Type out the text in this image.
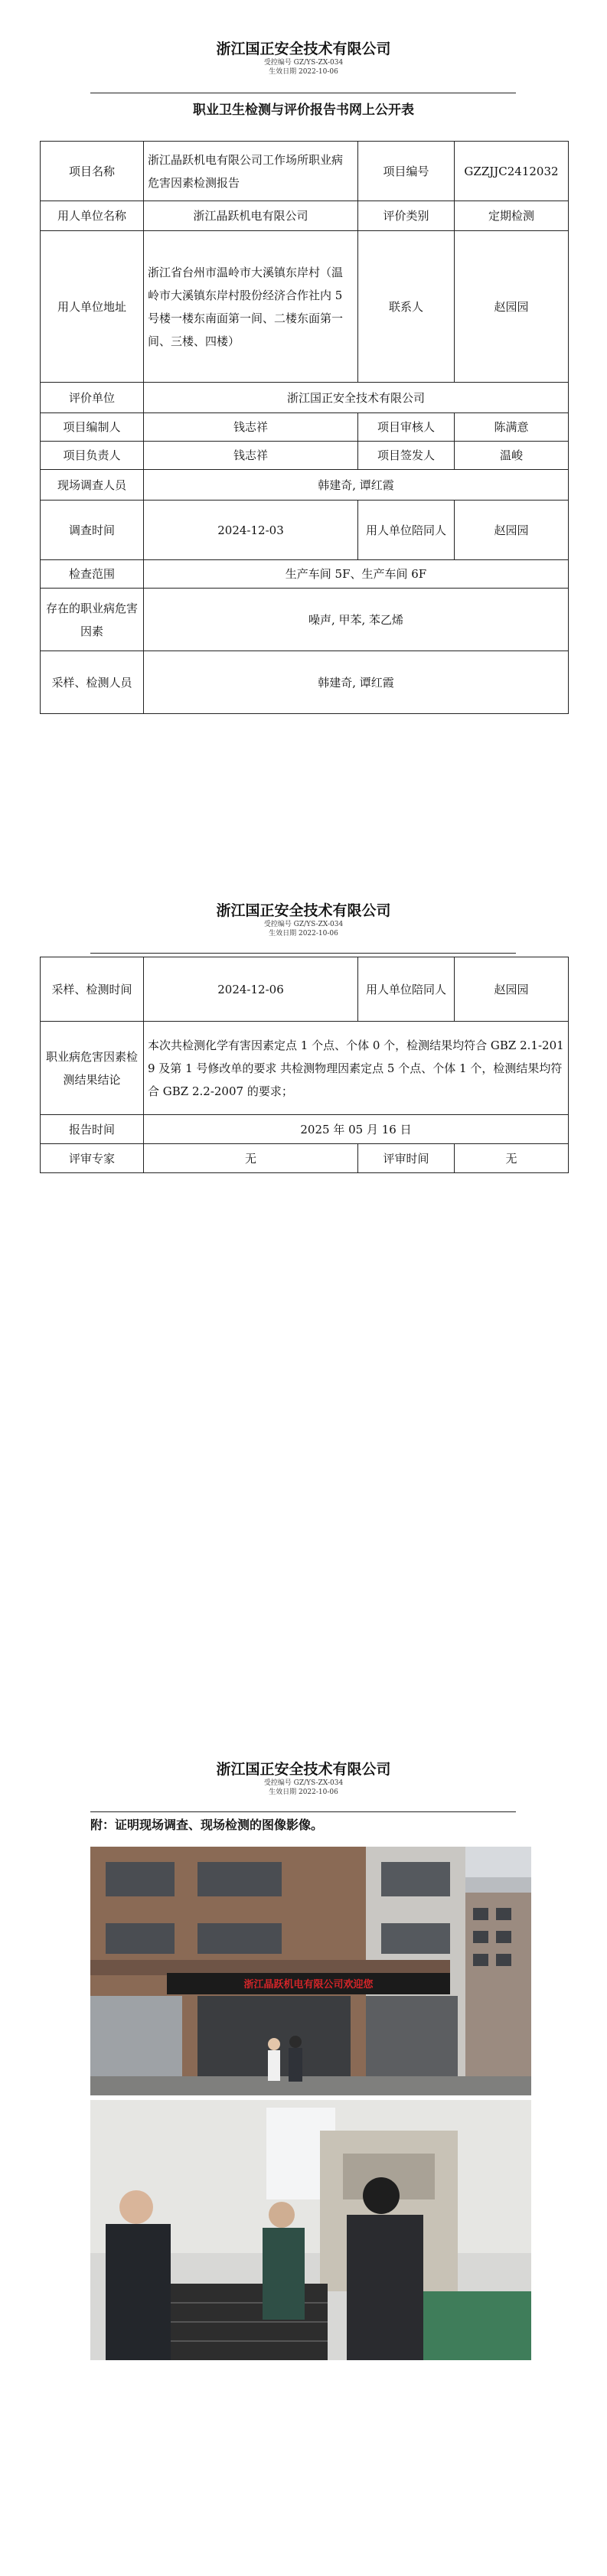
浙江国正安全技术有限公司
受控编号 GZ/YS-ZX-034
生效日期 2022-10-06
职业卫生检测与评价报告书网上公开表
项目名称	浙江晶跃机电有限公司工作场所职业病危害因素检测报告	项目编号	GZZJJC2412032
用人单位名称	浙江晶跃机电有限公司	评价类别	定期检测
用人单位地址	浙江省台州市温岭市大溪镇东岸村（温岭市大溪镇东岸村股份经济合作社内 5 号楼一楼东南面第一间、二楼东面第一间、三楼、四楼）	联系人	赵园园
评价单位	浙江国正安全技术有限公司		
项目编制人	钱志祥	项目审核人	陈满意
项目负责人	钱志祥	项目签发人	温峻
现场调查人员	韩建奇, 谭红霞		
调查时间	2024-12-03	用人单位陪同人	赵园园
检查范围	生产车间 5F、生产车间 6F		
存在的职业病危害因素	噪声, 甲苯, 苯乙烯		
采样、检测人员	韩建奇, 谭红霞		
浙江国正安全技术有限公司
受控编号 GZ/YS-ZX-034
生效日期 2022-10-06
采样、检测时间	2024-12-06	用人单位陪同人	赵园园
职业病危害因素检测结果结论	本次共检测化学有害因素定点 1 个点、个体 0 个，检测结果均符合 GBZ 2.1-2019 及第 1 号修改单的要求 共检测物理因素定点 5 个点、个体 1 个，检测结果均符合 GBZ 2.2-2007 的要求；		
报告时间	2025 年 05 月 16 日		
评审专家	无	评审时间	无
浙江国正安全技术有限公司
受控编号 GZ/YS-ZX-034
生效日期 2022-10-06
附：证明现场调查、现场检测的图像影像。
浙江晶跃机电有限公司欢迎您
